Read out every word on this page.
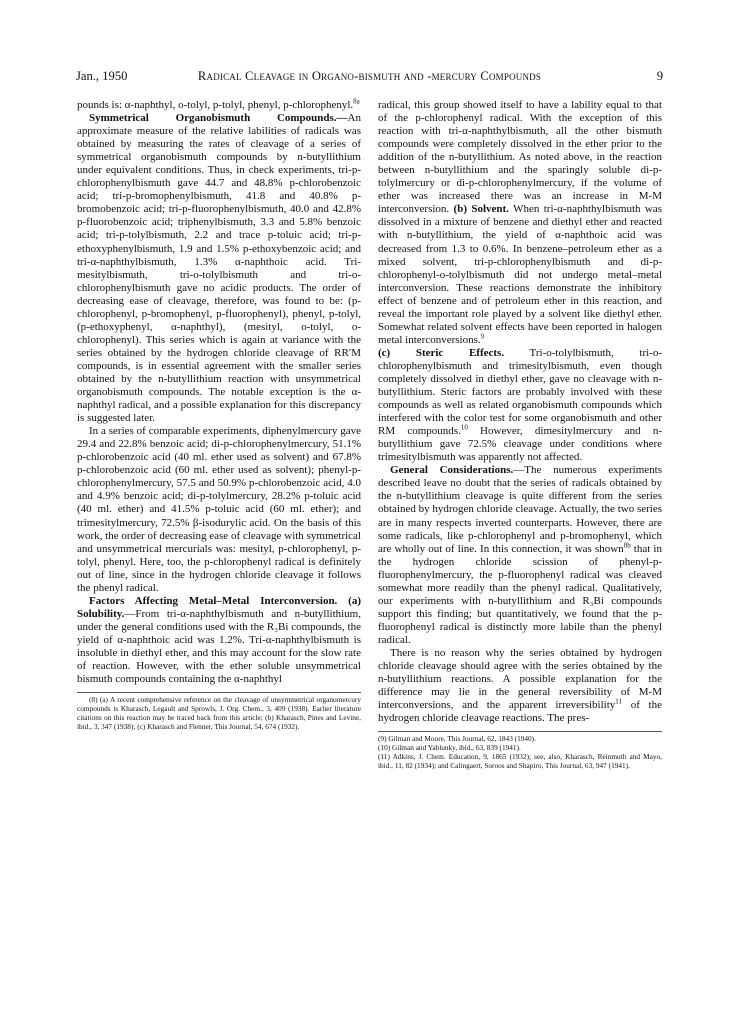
Jan., 1950	Radical Cleavage in Organo-bismuth and -mercury Compounds	9

pounds is: α-naphthyl, o-tolyl, p-tolyl, phenyl, p-chlorophenyl.$^{8a}$

Symmetrical Organobismuth Compounds.—An approximate measure of the relative labilities of radicals was obtained by measuring the rates of cleavage of a series of symmetrical organobismuth compounds by n-butyllithium under equivalent conditions. Thus, in check experiments, tri-p-chlorophenylbismuth gave 44.7 and 48.8% p-chlorobenzoic acid; tri-p-bromophenylbismuth, 41.8 and 40.8% p-bromobenzoic acid; tri-p-fluorophenylbismuth, 40.0 and 42.8% p-fluorobenzoic acid; triphenylbismuth, 3.3 and 5.8% benzoic acid; tri-p-tolylbismuth, 2.2 and trace p-toluic acid; tri-p-ethoxyphenylbismuth, 1.9 and 1.5% p-ethoxybenzoic acid; and tri-α-naphthylbismuth, 1.3% α-naphthoic acid. Tri-mesitylbismuth, tri-o-tolylbismuth and tri-o-chlorophenylbismuth gave no acidic products. The order of decreasing ease of cleavage, therefore, was found to be: (p-chlorophenyl, p-bromophenyl, p-fluorophenyl), phenyl, p-tolyl, (p-ethoxyphenyl, α-naphthyl), (mesityl, o-tolyl, o-chlorophenyl). This series which is again at variance with the series obtained by the hydrogen chloride cleavage of RR′M compounds, is in essential agreement with the smaller series obtained by the n-butyllithium reaction with unsymmetrical organobismuth compounds. The notable exception is the α-naphthyl radical, and a possible explanation for this discrepancy is suggested later.

In a series of comparable experiments, diphenylmercury gave 29.4 and 22.8% benzoic acid; di-p-chlorophenylmercury, 51.1% p-chlorobenzoic acid (40 ml. ether used as solvent) and 67.8% p-chlorobenzoic acid (60 ml. ether used as solvent); phenyl-p-chlorophenylmercury, 57.5 and 50.9% p-chlorobenzoic acid, 4.0 and 4.9% benzoic acid; di-p-tolylmercury, 28.2% p-toluic acid (40 ml. ether) and 41.5% p-toluic acid (60 ml. ether); and trimesitylmercury, 72.5% β-isodurylic acid. On the basis of this work, the order of decreasing ease of cleavage with symmetrical and unsymmetrical mercurials was: mesityl, p-chlorophenyl, p-tolyl, phenyl. Here, too, the p-chlorophenyl radical is definitely out of line, since in the hydrogen chloride cleavage it follows the phenyl radical.

Factors Affecting Metal–Metal Interconversion. (a) Solubility.—From tri-α-naphthylbismuth and n-butyllithium, under the general conditions used with the R₃Bi compounds, the yield of α-naphthoic acid was 1.2%. Tri-α-naphthylbismuth is insoluble in diethyl ether, and this may account for the slow rate of reaction. However, with the ether soluble unsymmetrical bismuth compounds containing the α-naphthyl

(8) (a) A recent comprehensive reference on the cleavage of unsymmetrical organomercury compounds is Kharasch, Legault and Sprowls, J. Org. Chem., 3, 409 (1938). Earlier literature citations on this reaction may be traced back from this article; (b) Kharasch, Pines and Levine, ibid., 3, 347 (1938); (c) Kharasch and Flenner, This Journal, 54, 674 (1932).

radical, this group showed itself to have a lability equal to that of the p-chlorophenyl radical. With the exception of this reaction with tri-α-naphthylbismuth, all the other bismuth compounds were completely dissolved in the ether prior to the addition of the n-butyllithium. As noted above, in the reaction between n-butyllithium and the sparingly soluble di-p-tolylmercury or di-p-chlorophenylmercury, if the volume of ether was increased there was an increase in M-M interconversion. (b) Solvent. When tri-α-naphthylbismuth was dissolved in a mixture of benzene and diethyl ether and reacted with n-butyllithium, the yield of α-naphthoic acid was decreased from 1.3 to 0.6%. In benzene–petroleum ether as a mixed solvent, tri-p-chlorophenylbismuth and di-p-chlorophenyl-o-tolylbismuth did not undergo metal–metal interconversion. These reactions demonstrate the inhibitory effect of benzene and of petroleum ether in this reaction, and reveal the important role played by a solvent like diethyl ether. Somewhat related solvent effects have been reported in halogen metal interconversions.$^9$

(c) Steric Effects. Tri-o-tolylbismuth, tri-o-chlorophenylbismuth and trimesitylbismuth, even though completely dissolved in diethyl ether, gave no cleavage with n-butyllithium. Steric factors are probably involved with these compounds as well as related organobismuth compounds which interfered with the color test for some organobismuth and other RM compounds.$^{10}$ However, dimesitylmercury and n-butyllithium gave 72.5% cleavage under conditions where trimesitylbismuth was apparently not affected.

General Considerations.—The numerous experiments described leave no doubt that the series of radicals obtained by the n-butyllithium cleavage is quite different from the series obtained by hydrogen chloride cleavage. Actually, the two series are in many respects inverted counterparts. However, there are some radicals, like p-chlorophenyl and p-bromophenyl, which are wholly out of line. In this connection, it was shown$^{8b}$ that in the hydrogen chloride scission of phenyl-p-fluorophenylmercury, the p-fluorophenyl radical was cleaved somewhat more readily than the phenyl radical. Qualitatively, our experiments with n-butyllithium and R₃Bi compounds support this finding; but quantitatively, we found that the p-fluorophenyl radical is distinctly more labile than the phenyl radical.

There is no reason why the series obtained by hydrogen chloride cleavage should agree with the series obtained by the n-butyllithium reactions. A possible explanation for the difference may lie in the general reversibility of M-M interconversions, and the apparent irreversibility$^{11}$ of the hydrogen chloride cleavage reactions. The pres-

(9) Gilman and Moore, This Journal, 62, 1843 (1940).

(10) Gilman and Yablunky, ibid., 63, 839 (1941).

(11) Adkins, J. Chem. Education, 9, 1865 (1932); see, also, Kharasch, Reinmuth and Mayo, ibid., 11, 82 (1934); and Calingaert, Soroos and Shapiro, This Journal, 63, 947 (1941).
